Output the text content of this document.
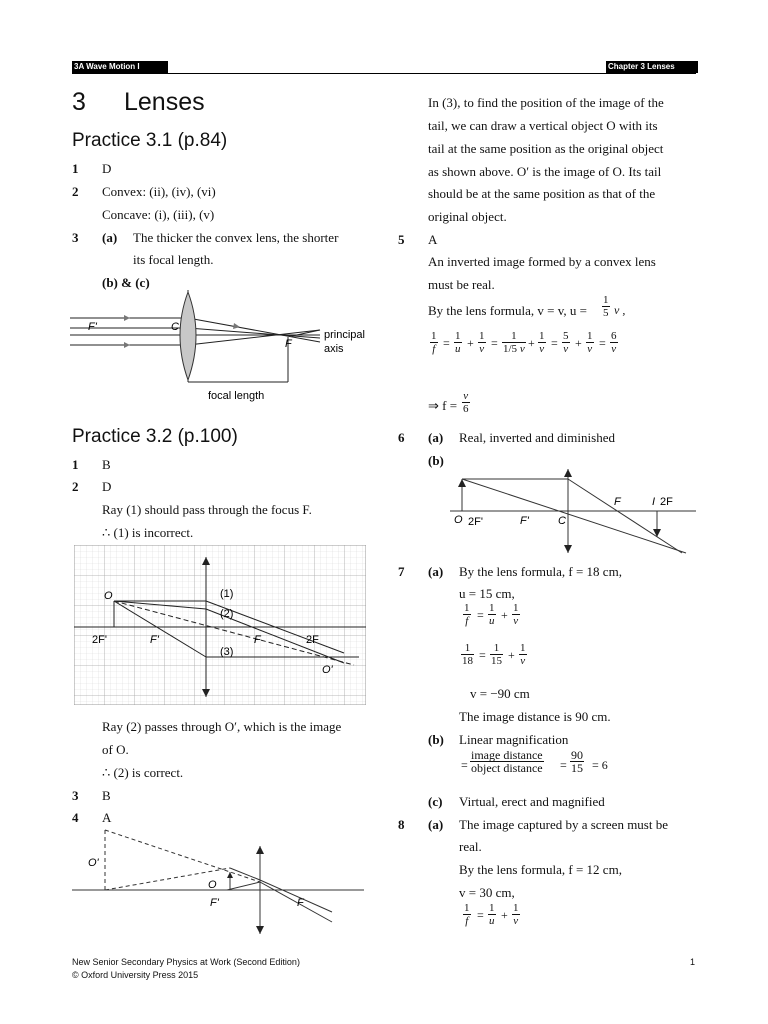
3A Wave Motion I	Chapter 3 Lenses
3 Lenses
Practice 3.1 (p.84)
1 D
2 Convex: (ii), (iv), (vi)
Concave: (i), (iii), (v)
3 (a) The thicker the convex lens, the shorter
its focal length.
(b) & (c)
F'	C
F
principal
axis
focal length
Practice 3.2 (p.100)
1 B
2 D
Ray (1) should pass through the focus F.
∴ (1) is incorrect.
O	(1)
(2)
(3)
2F'	F'	F	2F
O'
Ray (2) passes through O′, which is the image
of O.
∴ (2) is correct.
3 B
4 A
O'
O
F'	F
In (3), to find the position of the image of the
tail, we can draw a vertical object O with its
tail at the same position as the original object
as shown above. O′ is the image of O. Its tail
should be at the same position as that of the
original object.
5 A
An inverted image formed by a convex lens
must be real.
By the lens formula, v = v, $u = \frac{1}{5}$ v ,
$\frac{1}{f} = \frac{1}{u} + \frac{1}{v} = \frac{1}{1/5 v} + \frac{1}{v} = \frac{5}{v} + \frac{1}{v} = \frac{6}{v}$
⇒ $f = \frac{v}{6}$
6 (a) Real, inverted and diminished
(b)
O 2F'	F'	C
F	I 2F
7 (a) By the lens formula, f = 18 cm,
u = 15 cm,
$\frac{1}{f} = \frac{1}{u} + \frac{1}{v}$
$\frac{1}{18} = \frac{1}{15} + \frac{1}{v}$
v = −90 cm
The image distance is 90 cm.
(b) Linear magnification
=
image distance
object distance = $\frac{90}{15} = 6$
(c) Virtual, erect and magnified
8 (a) The image captured by a screen must be
real.
By the lens formula, f = 12 cm,
v = 30 cm,
$\frac{1}{f} = \frac{1}{u} + \frac{1}{v}$
New Senior Secondary Physics at Work (Second Edition)
© Oxford University Press 2015
1
